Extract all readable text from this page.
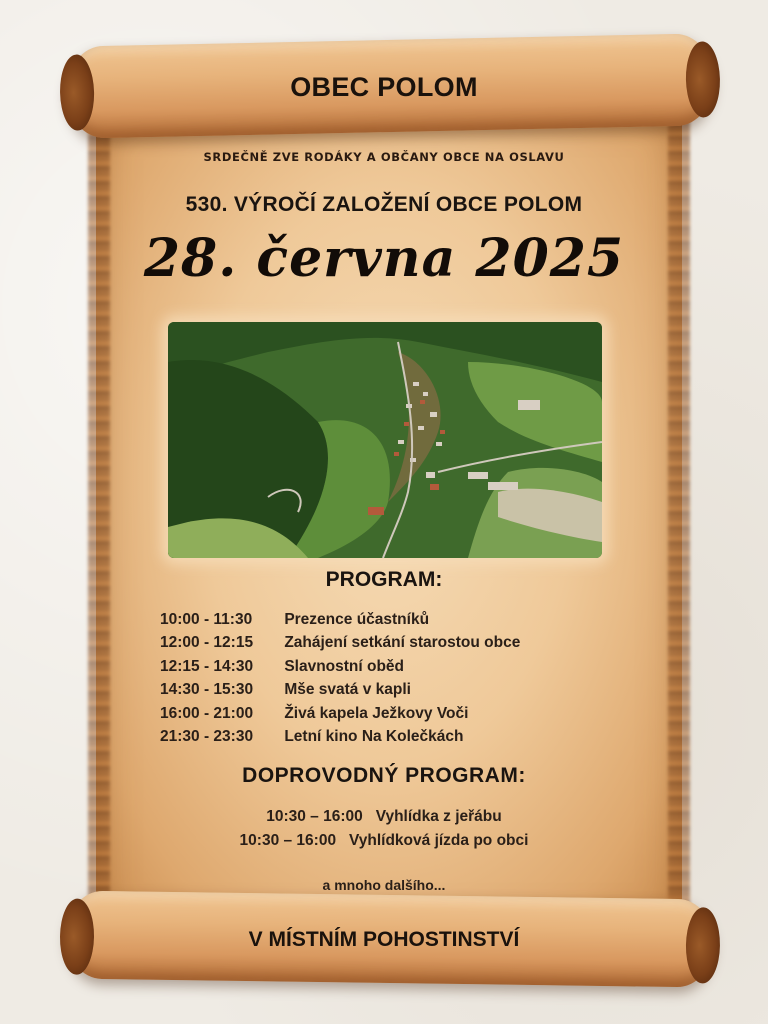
OBEC POLOM

SRDEČNĚ ZVE RODÁKY A OBČANY OBCE NA OSLAVU

530. VÝROČÍ ZALOŽENÍ OBCE POLOM

28. června 2025

PROGRAM:

10:00 - 11:30 Prezence účastníků
12:00 - 12:15 Zahájení setkání starostou obce
12:15 - 14:30 Slavnostní oběd
14:30 - 15:30 Mše svatá v kapli
16:00 - 21:00 Živá kapela Ježkovy Voči
21:30 - 23:30 Letní kino Na Kolečkách

DOPROVODNÝ PROGRAM:

10:30 – 16:00 Vyhlídka z jeřábu
10:30 – 16:00 Vyhlídková jízda po obci

a mnoho dalšího...

V MÍSTNÍM POHOSTINSTVÍ
